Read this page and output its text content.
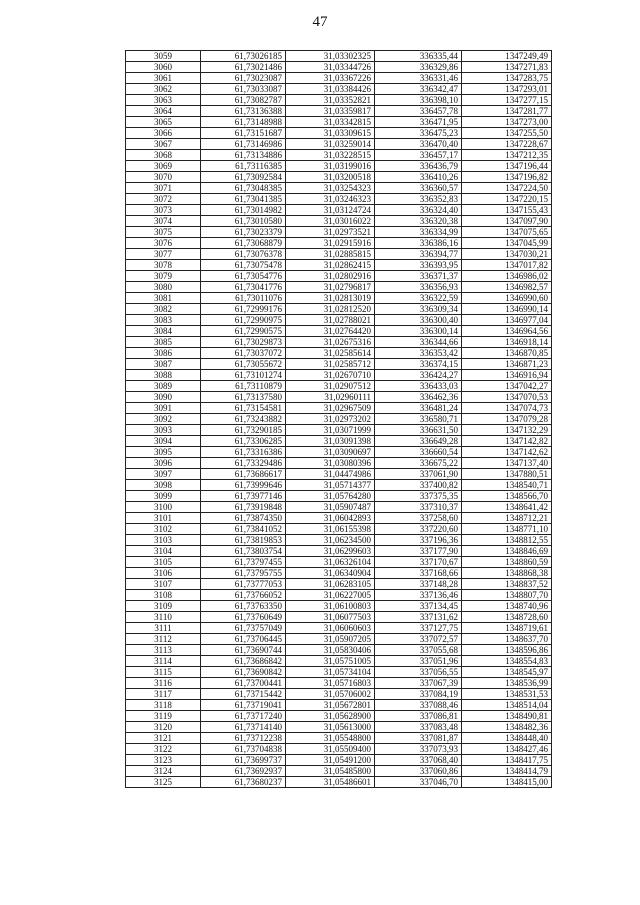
47
3059	61,73026185	31,03302325	336335,44	1347249,49
3060	61,73021486	31,03344726	336329,86	1347271,83
3061	61,73023087	31,03367226	336331,46	1347283,75
3062	61,73033087	31,03384426	336342,47	1347293,01
3063	61,73082787	31,03352821	336398,10	1347277,15
3064	61,73136388	31,03359817	336457,78	1347281,77
3065	61,73148988	31,03342815	336471,95	1347273,00
3066	61,73151687	31,03309615	336475,23	1347255,50
3067	61,73146986	31,03259014	336470,40	1347228,67
3068	61,73134886	31,03228515	336457,17	1347212,35
3069	61,73116385	31,03199016	336436,79	1347196,44
3070	61,73092584	31,03200518	336410,26	1347196,82
3071	61,73048385	31,03254323	336360,57	1347224,50
3072	61,73041385	31,03246323	336352,83	1347220,15
3073	61,73014982	31,03124724	336324,40	1347155,43
3074	61,73010580	31,03016022	336320,38	1347097,90
3075	61,73023379	31,02973521	336334,99	1347075,65
3076	61,73068879	31,02915916	336386,16	1347045,99
3077	61,73076378	31,02885815	336394,77	1347030,21
3078	61,73075478	31,02862415	336393,95	1347017,82
3079	61,73054776	31,02802916	336371,37	1346986,02
3080	61,73041776	31,02796817	336356,93	1346982,57
3081	61,73011076	31,02813019	336322,59	1346990,60
3082	61,72999176	31,02812520	336309,34	1346990,14
3083	61,72990975	31,02788021	336300,40	1346977,04
3084	61,72990575	31,02764420	336300,14	1346964,56
3085	61,73029873	31,02675316	336344,66	1346918,14
3086	61,73037072	31,02585614	336353,42	1346870,85
3087	61,73055672	31,02585712	336374,15	1346871,23
3088	61,73101274	31,02670710	336424,27	1346916,94
3089	61,73110879	31,02907512	336433,03	1347042,27
3090	61,73137580	31,02960111	336462,36	1347070,53
3091	61,73154581	31,02967509	336481,24	1347074,73
3092	61,73243882	31,02973202	336580,71	1347079,28
3093	61,73290185	31,03071999	336631,50	1347132,29
3094	61,73306285	31,03091398	336649,28	1347142,82
3095	61,73316386	31,03090697	336660,54	1347142,62
3096	61,73329486	31,03080396	336675,22	1347137,40
3097	61,73686617	31,04474986	337061,90	1347880,51
3098	61,73999646	31,05714377	337400,82	1348540,71
3099	61,73977146	31,05764280	337375,35	1348566,70
3100	61,73919848	31,05907487	337310,37	1348641,42
3101	61,73874350	31,06042893	337258,60	1348712,21
3102	61,73841052	31,06155398	337220,60	1348771,10
3103	61,73819853	31,06234500	337196,36	1348812,55
3104	61,73803754	31,06299603	337177,90	1348846,69
3105	61,73797455	31,06326104	337170,67	1348860,59
3106	61,73795755	31,06340904	337168,66	1348868,38
3107	61,73777053	31,06283105	337148,28	1348837,52
3108	61,73766052	31,06227005	337136,46	1348807,70
3109	61,73763350	31,06100803	337134,45	1348740,96
3110	61,73760649	31,06077503	337131,62	1348728,60
3111	61,73757049	31,06060603	337127,75	1348719,61
3112	61,73706445	31,05907205	337072,57	1348637,70
3113	61,73690744	31,05830406	337055,68	1348596,86
3114	61,73686842	31,05751005	337051,96	1348554,83
3115	61,73690842	31,05734104	337056,55	1348545,97
3116	61,73700441	31,05716803	337067,39	1348536,99
3117	61,73715442	31,05706002	337084,19	1348531,53
3118	61,73719041	31,05672801	337088,46	1348514,04
3119	61,73717240	31,05628900	337086,81	1348490,81
3120	61,73714140	31,05613000	337083,48	1348482,36
3121	61,73712238	31,05548800	337081,87	1348448,40
3122	61,73704838	31,05509400	337073,93	1348427,46
3123	61,73699737	31,05491200	337068,40	1348417,75
3124	61,73692937	31,05485800	337060,86	1348414,79
3125	61,73680237	31,05486601	337046,70	1348415,00
